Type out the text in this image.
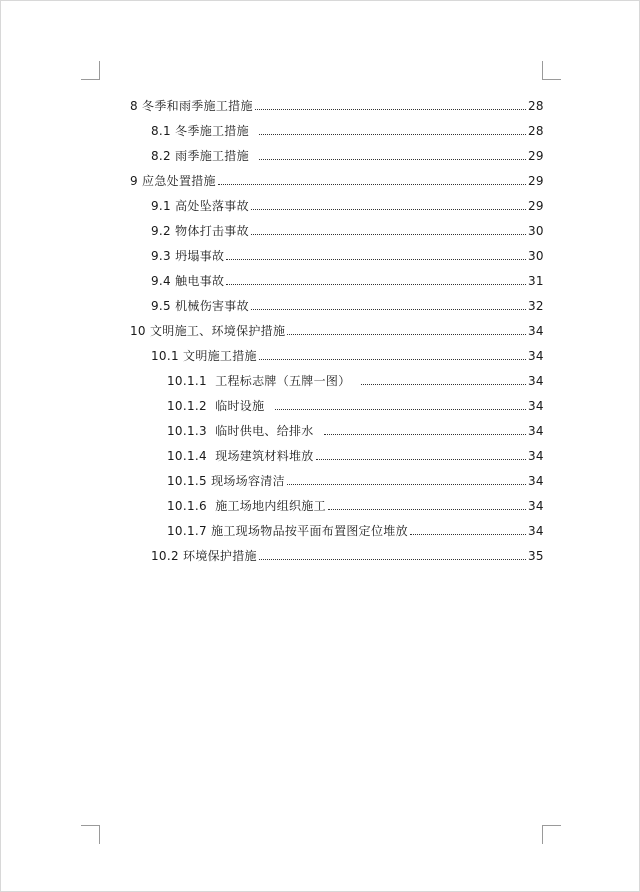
8 冬季和雨季施工措施	28
8.1 冬季施工措施	28
8.2 雨季施工措施	29
9 应急处置措施	29
9.1 高处坠落事故	29
9.2 物体打击事故	30
9.3 坍塌事故	30
9.4 触电事故	31
9.5 机械伤害事故	32
10 文明施工、环境保护措施	34
10.1 文明施工措施	34
10.1.1  工程标志牌（五牌一图）	34
10.1.2  临时设施	34
10.1.3  临时供电、给排水	34
10.1.4  现场建筑材料堆放	34
10.1.5 现场场容清洁	34
10.1.6  施工场地内组织施工	34
10.1.7 施工现场物品按平面布置图定位堆放	34
10.2 环境保护措施	35
